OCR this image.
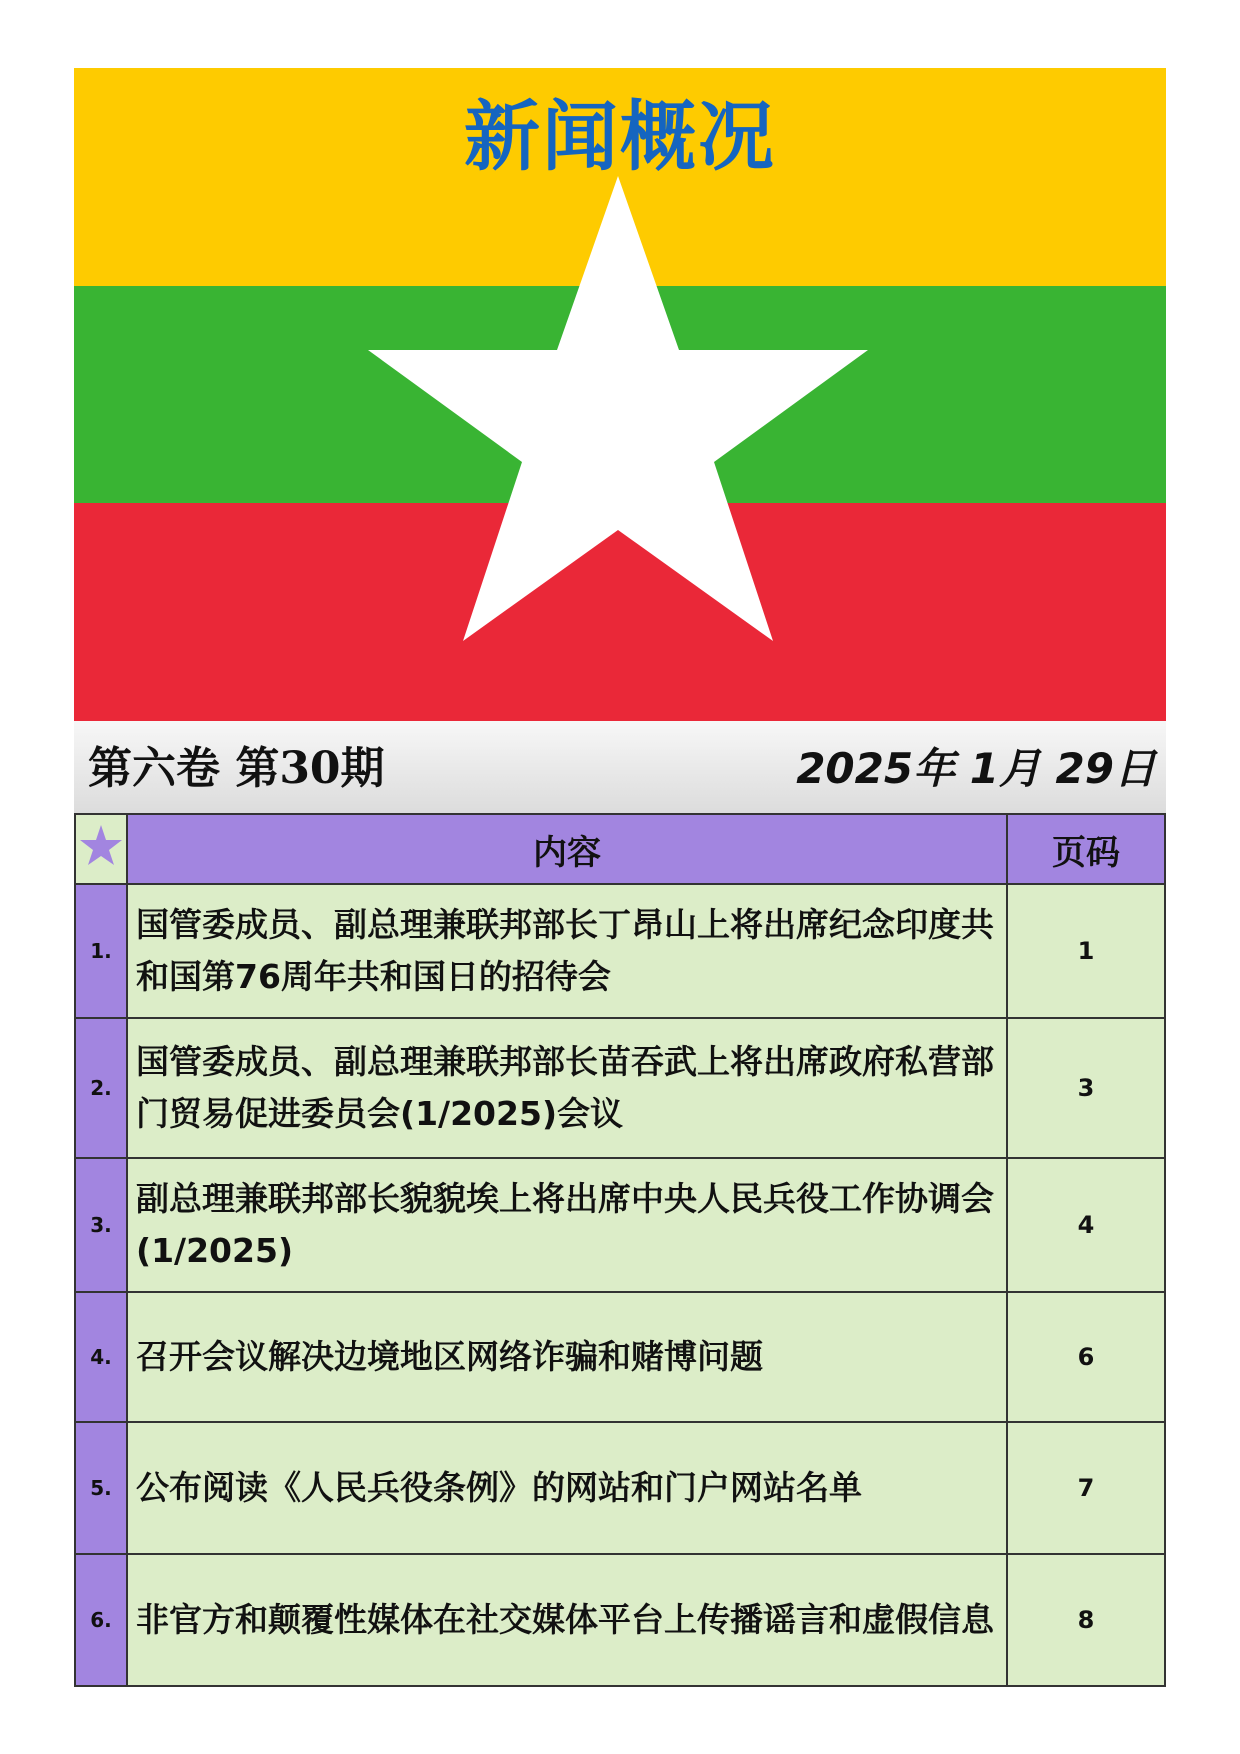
新闻概况
第六卷 第30期	2025年 1月 29日
	内容	页码
1.	国管委成员、副总理兼联邦部长丁昂山上将出席纪念印度共和国第76周年共和国日的招待会	1
2.	国管委成员、副总理兼联邦部长苗吞武上将出席政府私营部门贸易促进委员会(1/2025)会议	3
3.	副总理兼联邦部长貌貌埃上将出席中央人民兵役工作协调会(1/2025)	4
4.	召开会议解决边境地区网络诈骗和赌博问题	6
5.	公布阅读《人民兵役条例》的网站和门户网站名单	7
6.	非官方和颠覆性媒体在社交媒体平台上传播谣言和虚假信息	8
